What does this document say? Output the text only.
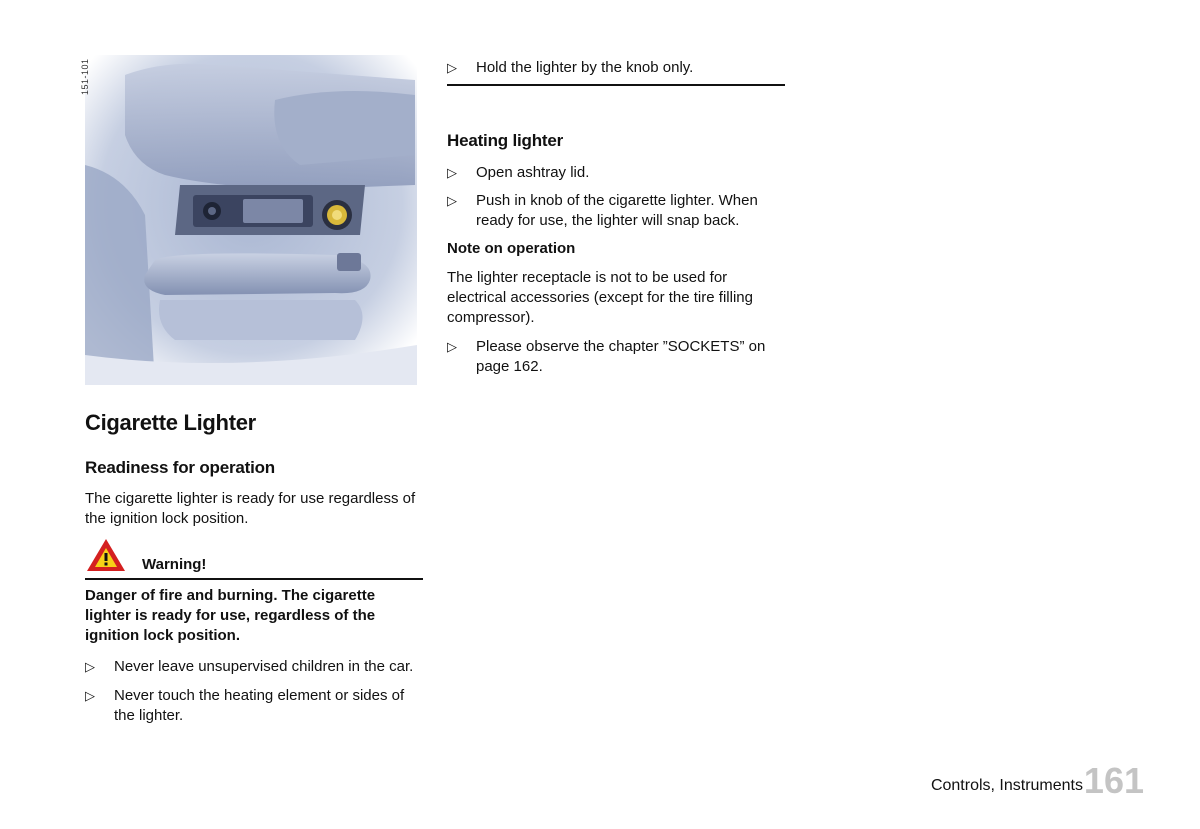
151-101
Cigarette Lighter
Readiness for operation

The cigarette lighter is ready for use regardless of the ignition lock position.

Warning!
Danger of fire and burning. The cigarette lighter is ready for use, regardless of the ignition lock position.
▷	Never leave unsupervised children in the car.
▷	Never touch the heating element or sides of the lighter.
▷	Hold the lighter by the knob only.
Heating lighter
▷	Open ashtray lid.
▷	Push in knob of the cigarette lighter. When ready for use, the lighter will snap back.
Note on operation

The lighter receptacle is not to be used for electrical accessories (except for the tire filling compressor).

▷	Please observe the chapter ”SOCKETS” on page 162.
Controls, Instruments 161
